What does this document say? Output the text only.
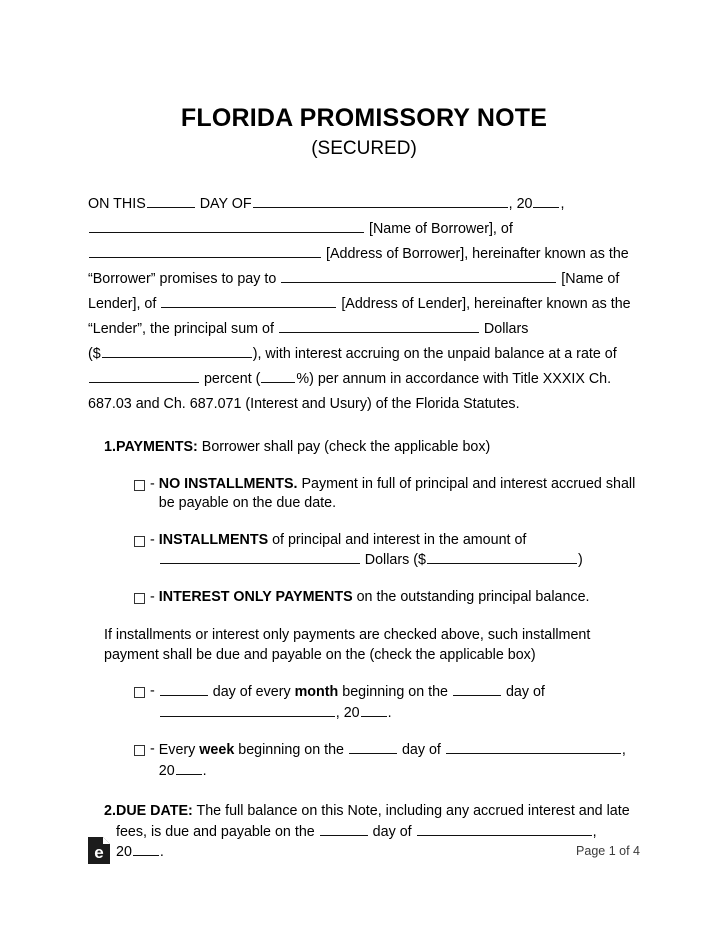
FLORIDA PROMISSORY NOTE
(SECURED)
ON THIS	DAY OF	, 20 ,
[Name of Borrower], of
[Address of Borrower], hereinafter known as the
“Borrower” promises to pay to	[Name of
Lender], of	[Address of Lender], hereinafter known as the
“Lender”, the principal sum of	Dollars
($	), with interest accruing on the unpaid balance at a rate of
percent (	%) per annum in accordance with Title XXXIX Ch.
687.03 and Ch. 687.071 (Interest and Usury) of the Florida Statutes.
1. PAYMENTS: Borrower shall pay (check the applicable box)
- NO INSTALLMENTS. Payment in full of principal and interest accrued shall be payable on the due date.
- INSTALLMENTS of principal and interest in the amount of
Dollars ($	)
- INTEREST ONLY PAYMENTS on the outstanding principal balance.
If installments or interest only payments are checked above, such installment payment shall be due and payable on the (check the applicable box)
-	day of every month beginning on the	day of
, 20 .
- Every week beginning on the	day of	, 20 .
2. DUE DATE: The full balance on this Note, including any accrued interest and late fees, is due and payable on the	day of	,
20 .
e	Page 1 of 4
